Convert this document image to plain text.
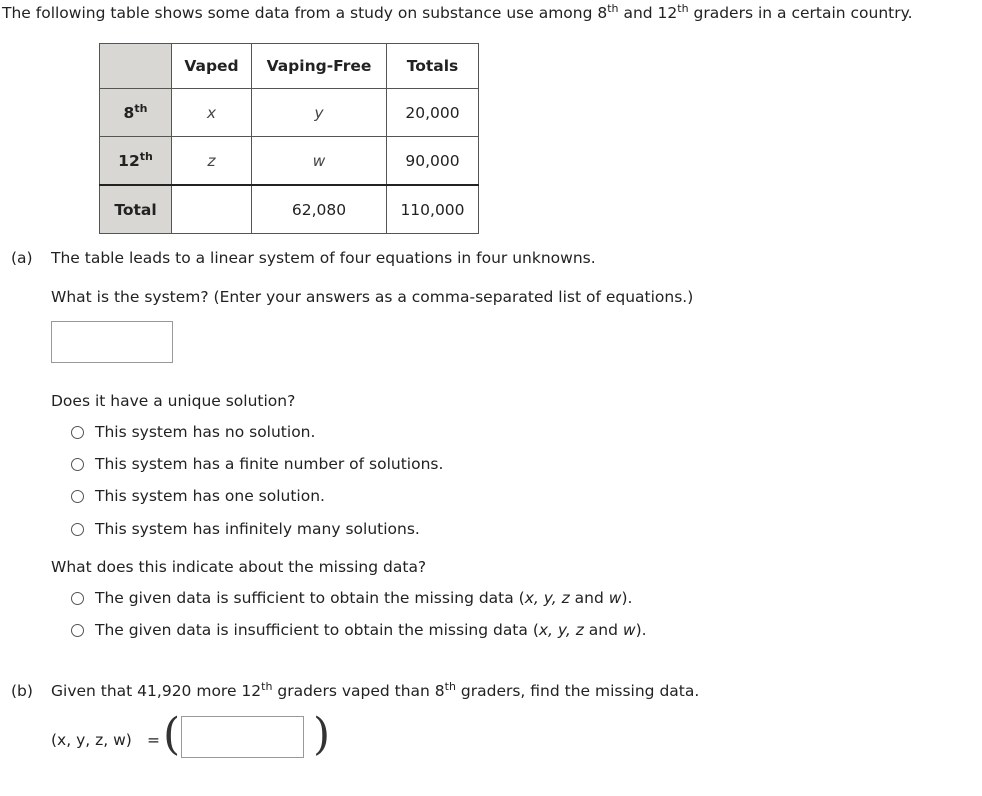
The following table shows some data from a study on substance use among 8th and 12th graders in a certain country.
	Vaped	Vaping-Free	Totals
8th	x	y	20,000
12th	z	w	90,000
Total		62,080	110,000
(a) The table leads to a linear system of four equations in four unknowns.
What is the system? (Enter your answers as a comma-separated list of equations.)
Does it have a unique solution?
This system has no solution.
This system has a finite number of solutions.
This system has one solution.
This system has infinitely many solutions.
What does this indicate about the missing data?
The given data is sufficient to obtain the missing data (x, y, z and w).
The given data is insufficient to obtain the missing data (x, y, z and w).
(b) Given that 41,920 more 12th graders vaped than 8th graders, find the missing data.
(x, y, z, w) = (	)
